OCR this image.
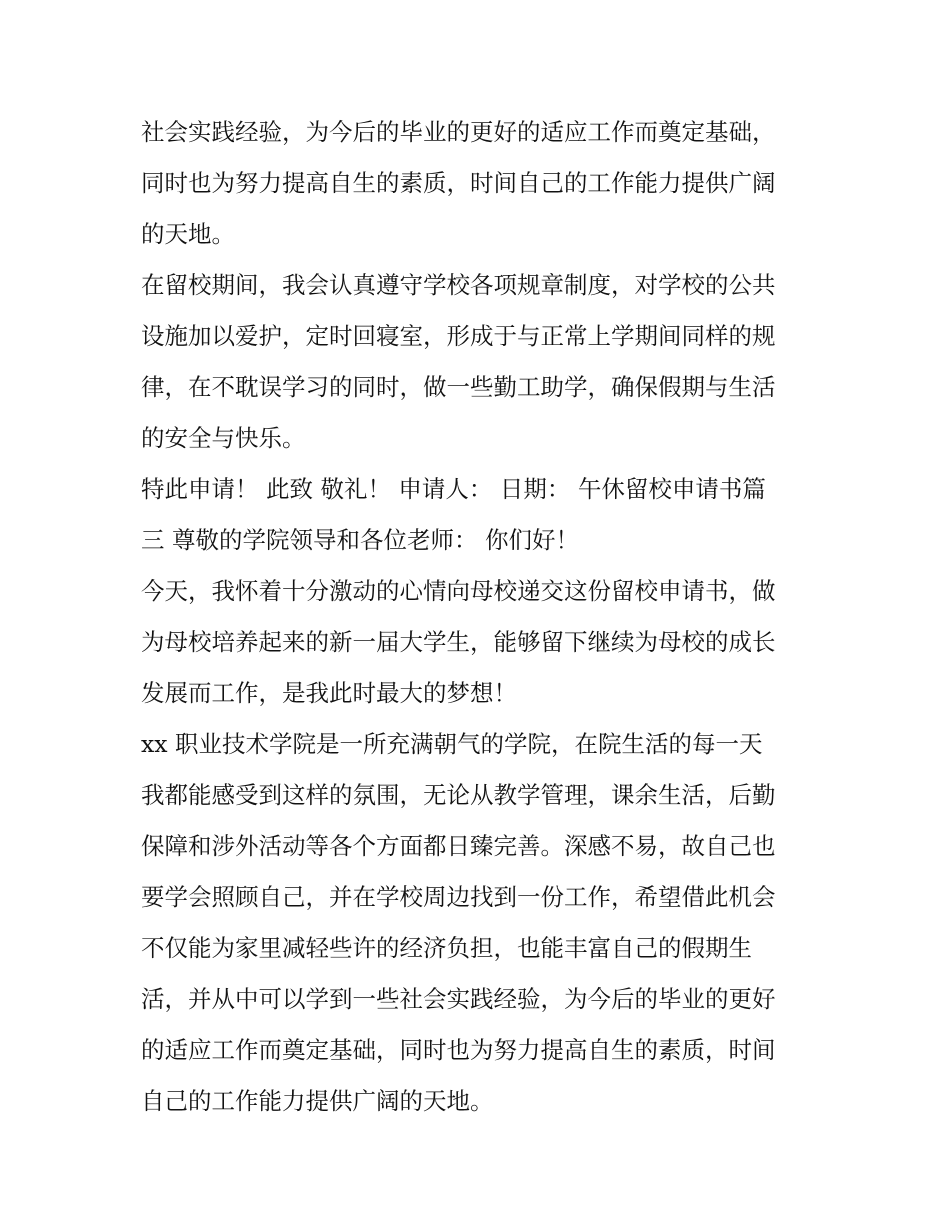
社会实践经验，为今后的毕业的更好的适应工作而奠定基础，
同时也为努力提高自生的素质，时间自己的工作能力提供广阔
的天地。
在留校期间，我会认真遵守学校各项规章制度，对学校的公共
设施加以爱护，定时回寝室，形成于与正常上学期间同样的规
律，在不耽误学习的同时，做一些勤工助学，确保假期与生活
的安全与快乐。
特此申请！ 此致 敬礼！ 申请人： 日期： 午休留校申请书篇
三 尊敬的学院领导和各位老师： 你们好！
今天，我怀着十分激动的心情向母校递交这份留校申请书，做
为母校培养起来的新一届大学生，能够留下继续为母校的成长
发展而工作，是我此时最大的梦想！
xx 职业技术学院是一所充满朝气的学院，在院生活的每一天
我都能感受到这样的氛围，无论从教学管理，课余生活，后勤
保障和涉外活动等各个方面都日臻完善。深感不易，故自己也
要学会照顾自己，并在学校周边找到一份工作，希望借此机会
不仅能为家里减轻些许的经济负担，也能丰富自己的假期生
活，并从中可以学到一些社会实践经验，为今后的毕业的更好
的适应工作而奠定基础，同时也为努力提高自生的素质，时间
自己的工作能力提供广阔的天地。
